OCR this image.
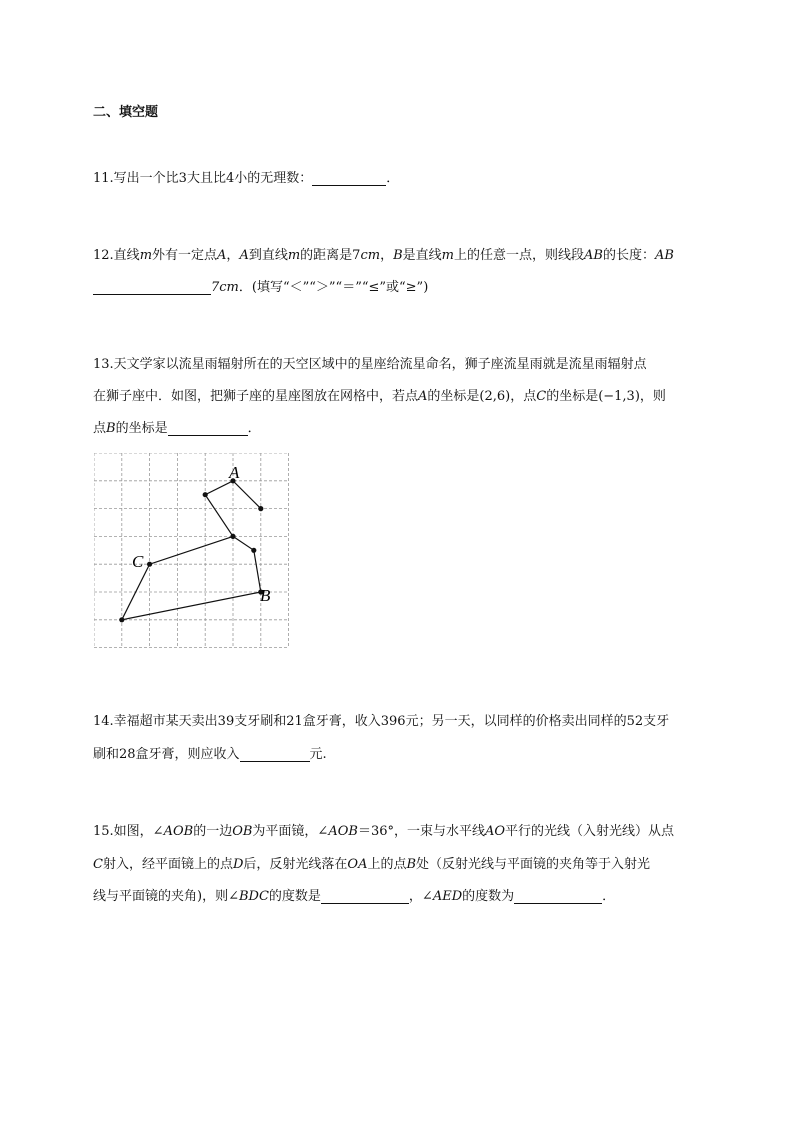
二、填空题
11.写出一个比3大且比4小的无理数：	．
12.直线m外有一定点A，A到直线m的距离是7cm，B是直线m上的任意一点，则线段AB的长度：AB
7cm．(填写“＜”“＞”“＝”“≤”或“≥”)
13.天文学家以流星雨辐射所在的天空区域中的星座给流星命名，狮子座流星雨就是流星雨辐射点
在狮子座中．如图，把狮子座的星座图放在网格中，若点A的坐标是(2,6)，点C的坐标是(−1,3)，则
点B的坐标是	．
A
B
C
14.幸福超市某天卖出39支牙刷和21盒牙膏，收入396元；另一天，以同样的价格卖出同样的52支牙
刷和28盒牙膏，则应收入	元.
15.如图，∠AOB的一边OB为平面镜，∠AOB＝36°，一束与水平线AO平行的光线（入射光线）从点
C射入，经平面镜上的点D后，反射光线落在OA上的点B处（反射光线与平面镜的夹角等于入射光
线与平面镜的夹角)，则∠BDC的度数是	，∠AED的度数为	．
